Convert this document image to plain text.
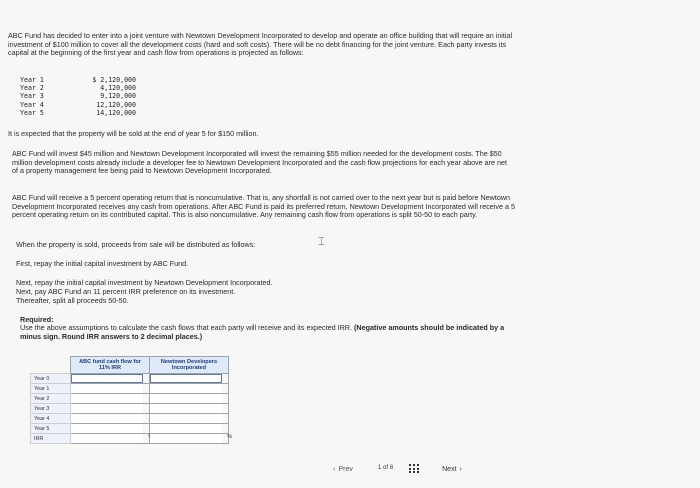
ABC Fund has decided to enter into a joint venture with Newtown Development Incorporated to develop and operate an office building that will require an initial investment of $100 million to cover all the development costs (hard and soft costs). There will be no debt financing for the joint venture. Each party invests its capital at the beginning of the first year and cash flow from operations is projected as follows:
Year 1	$ 2,120,000
Year 2	4,120,000
Year 3	9,120,000
Year 4	12,120,000
Year 5	14,120,000
It is expected that the property will be sold at the end of year 5 for $150 million.
ABC Fund will invest $45 million and Newtown Development Incorporated will invest the remaining $55 million needed for the development costs. The $50 million development costs already include a developer fee to Newtown Development Incorporated and the cash flow projections for each year above are net of a property management fee being paid to Newtown Development Incorporated.
ABC Fund will receive a 5 percent operating return that is noncumulative. That is, any shortfall is not carried over to the next year but is paid before Newtown Development Incorporated receives any cash from operations. After ABC Fund is paid its preferred return, Newtown Development Incorporated will receive a 5 percent operating return on its contributed capital. This is also noncumulative. Any remaining cash flow from operations is split 50-50 to each party.
When the property is sold, proceeds from sale will be distributed as follows:	⌶
First, repay the initial capital investment by ABC Fund.
Next, repay the initial capital investment by Newtown Development Incorporated.
Next, pay ABC Fund an 11 percent IRR preference on its investment.
Thereafter, split all proceeds 50-50.
Required:
Use the above assumptions to calculate the cash flows that each party will receive and its expected IRR. (Negative amounts should be indicated by a minus sign. Round IRR answers to 2 decimal places.)
	ABC fund cash flow for 11% IRR	Newtown Developers Incorporated
Year 0	

Year 1	

Year 2	

Year 3	

Year 4	

Year 5	

IRR		%
‹ Prev	1 of 8	Next ›
